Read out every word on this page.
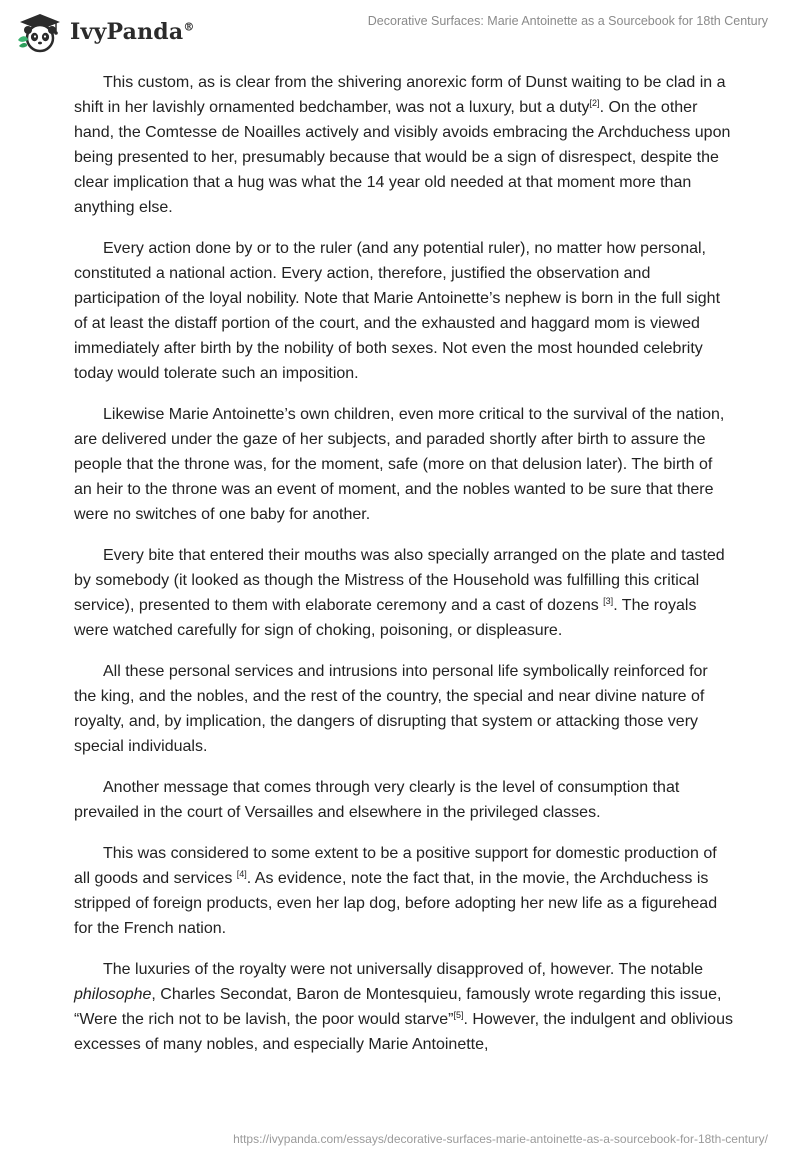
IvyPanda®	Decorative Surfaces: Marie Antoinette as a Sourcebook for 18th Century

This custom, as is clear from the shivering anorexic form of Dunst waiting to be clad in a shift in her lavishly ornamented bedchamber, was not a luxury, but a duty[2]. On the other hand, the Comtesse de Noailles actively and visibly avoids embracing the Archduchess upon being presented to her, presumably because that would be a sign of disrespect, despite the clear implication that a hug was what the 14 year old needed at that moment more than anything else.

Every action done by or to the ruler (and any potential ruler), no matter how personal, constituted a national action. Every action, therefore, justified the observation and participation of the loyal nobility. Note that Marie Antoinette’s nephew is born in the full sight of at least the distaff portion of the court, and the exhausted and haggard mom is viewed immediately after birth by the nobility of both sexes. Not even the most hounded celebrity today would tolerate such an imposition.

Likewise Marie Antoinette’s own children, even more critical to the survival of the nation, are delivered under the gaze of her subjects, and paraded shortly after birth to assure the people that the throne was, for the moment, safe (more on that delusion later). The birth of an heir to the throne was an event of moment, and the nobles wanted to be sure that there were no switches of one baby for another.

Every bite that entered their mouths was also specially arranged on the plate and tasted by somebody (it looked as though the Mistress of the Household was fulfilling this critical service), presented to them with elaborate ceremony and a cast of dozens [3]. The royals were watched carefully for sign of choking, poisoning, or displeasure.

All these personal services and intrusions into personal life symbolically reinforced for the king, and the nobles, and the rest of the country, the special and near divine nature of royalty, and, by implication, the dangers of disrupting that system or attacking those very special individuals.

Another message that comes through very clearly is the level of consumption that prevailed in the court of Versailles and elsewhere in the privileged classes.

This was considered to some extent to be a positive support for domestic production of all goods and services [4]. As evidence, note the fact that, in the movie, the Archduchess is stripped of foreign products, even her lap dog, before adopting her new life as a figurehead for the French nation.

The luxuries of the royalty were not universally disapproved of, however. The notable philosophe, Charles Secondat, Baron de Montesquieu, famously wrote regarding this issue, “Were the rich not to be lavish, the poor would starve”[5]. However, the indulgent and oblivious excesses of many nobles, and especially Marie Antoinette,

https://ivypanda.com/essays/decorative-surfaces-marie-antoinette-as-a-sourcebook-for-18th-century/
